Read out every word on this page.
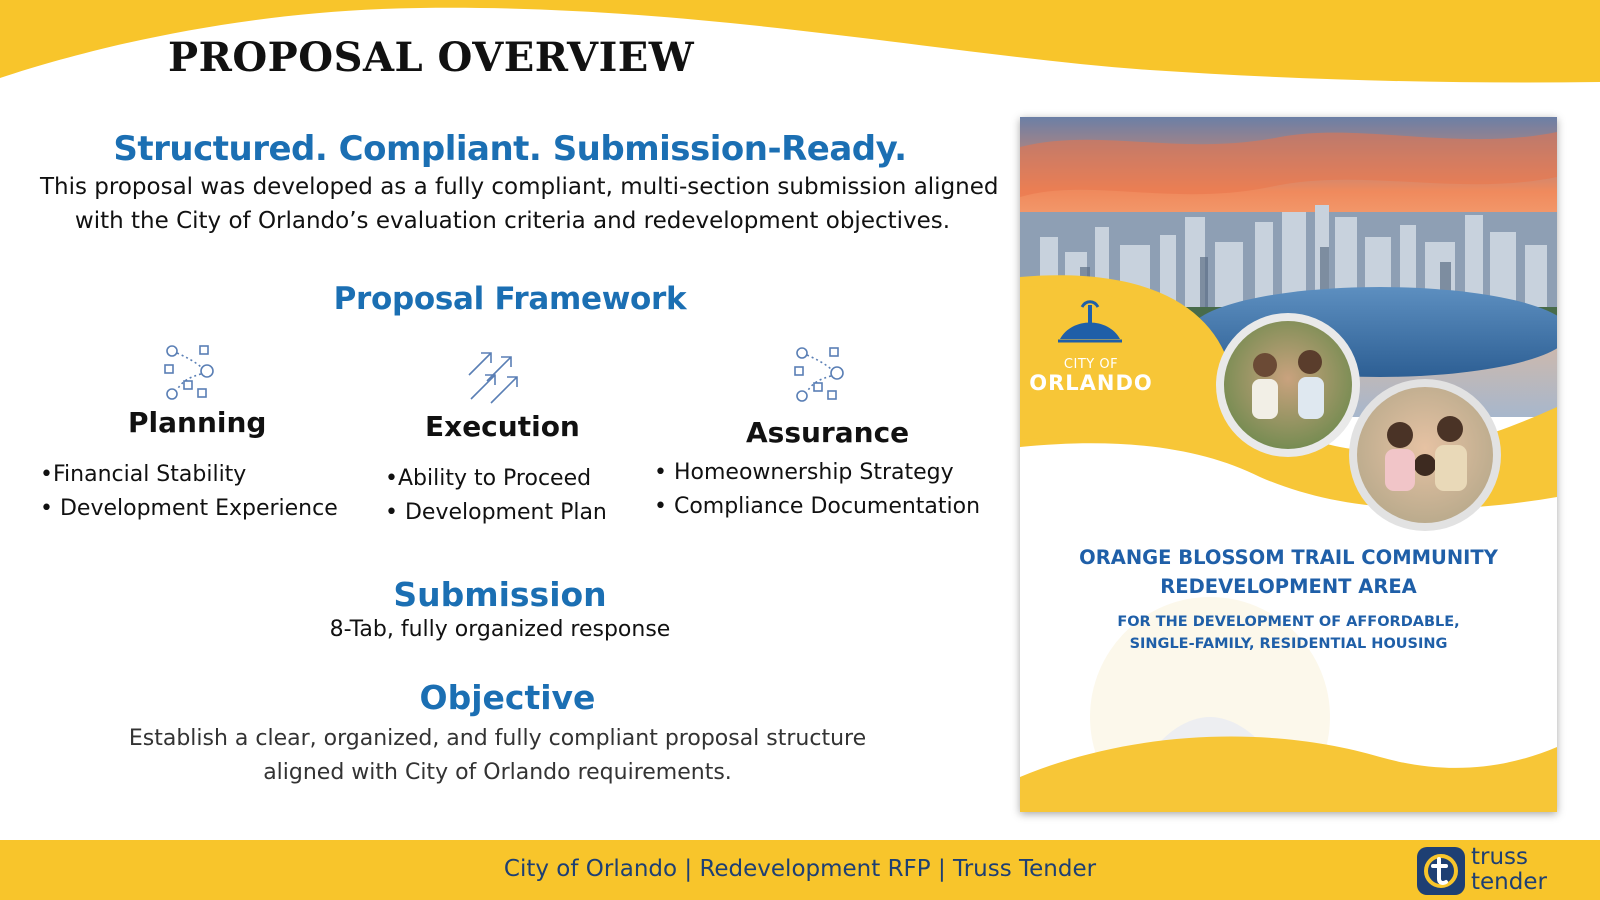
PROPOSAL OVERVIEW
Structured. Compliant. Submission-Ready.
This proposal was developed as a fully compliant, multi-section submission aligned
with the City of Orlando’s evaluation criteria and redevelopment objectives.
Proposal Framework
Planning
•Financial Stability
• Development Experience
Execution
•Ability to Proceed
• Development Plan
Assurance
• Homeownership Strategy
• Compliance Documentation
Submission
8-Tab, fully organized response
Objective
Establish a clear, organized, and fully compliant proposal structure
aligned with City of Orlando requirements.
CITY OF
ORLANDO
ORANGE BLOSSOM TRAIL COMMUNITY
REDEVELOPMENT AREA
FOR THE DEVELOPMENT OF AFFORDABLE,
SINGLE-FAMILY, RESIDENTIAL HOUSING
City of Orlando | Redevelopment RFP | Truss Tender	truss
tender
